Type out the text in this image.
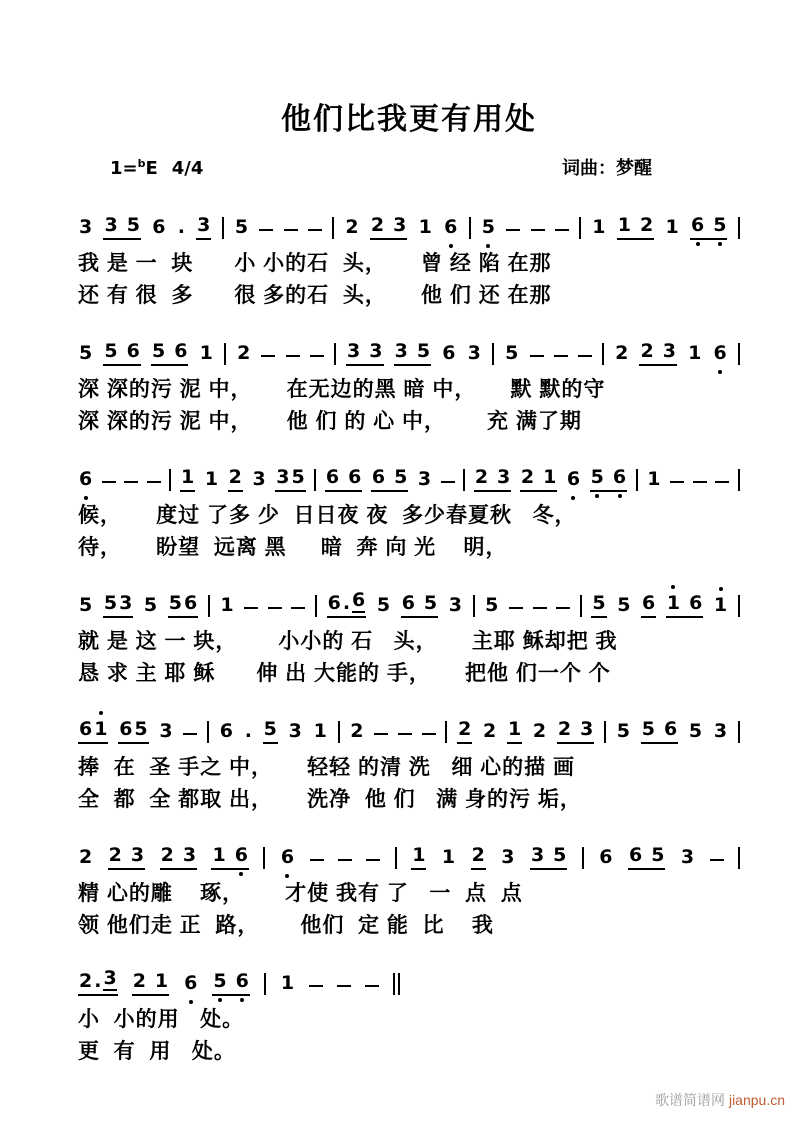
他们比我更有用处
1=$^b$E 4/4	词曲：梦醒
3 3 5 6 . 3 5	2 2 3 1 6 5	1 1 2 1 6 5
我 是 一  块      小 小的石  头，     曾 经 陷 在那
还 有 很  多      很 多的石  头，     他 们 还 在那
5 5 6 5 6 1 2	3 3 3 5 6 3 5	2 2 3 1 6
深 深的污 泥 中，     在无边的黑 暗 中，     默 默的守
深 深的污 泥 中，     他 们 的 心 中，      充 满了期
6	1 1 2 3 3 5 6 6 6 5 3 2 3 2 1 6 5 6 1
候，     度过 了多 少  日日夜 夜  多少春夏秋   冬，
待，     盼望  远离 黑     暗  奔 向 光    明，
5 5 3 5 5 6 1	6 . 6 5 6 5 3 5	5 5 6 1 6 1
就 是 这 一 块，      小小的 石   头，     主耶 稣却把 我
恳 求 主 耶 稣      伸 出 大能的 手，     把他 们一个 个
6 1 6 5 3 6 . 5 3 1 2	2 2 1 2 2 3 5 5 6 5 3
捧  在  圣 手之 中，     轻轻 的清 洗   细 心的描 画
全  都  全 都取 出，     洗净  他 们   满 身的污 垢，
2 2 3 2 3 1 6 6	1 1 2 3 3 5 6 6 5 3
精 心的雕    琢，      才使 我有 了   一  点  点
领 他们走 正  路，      他们  定 能  比    我
2 . 3 2 1 6 5 6 1
小  小的用   处。
更  有  用   处。
歌谱简谱网 jianpu.cn
